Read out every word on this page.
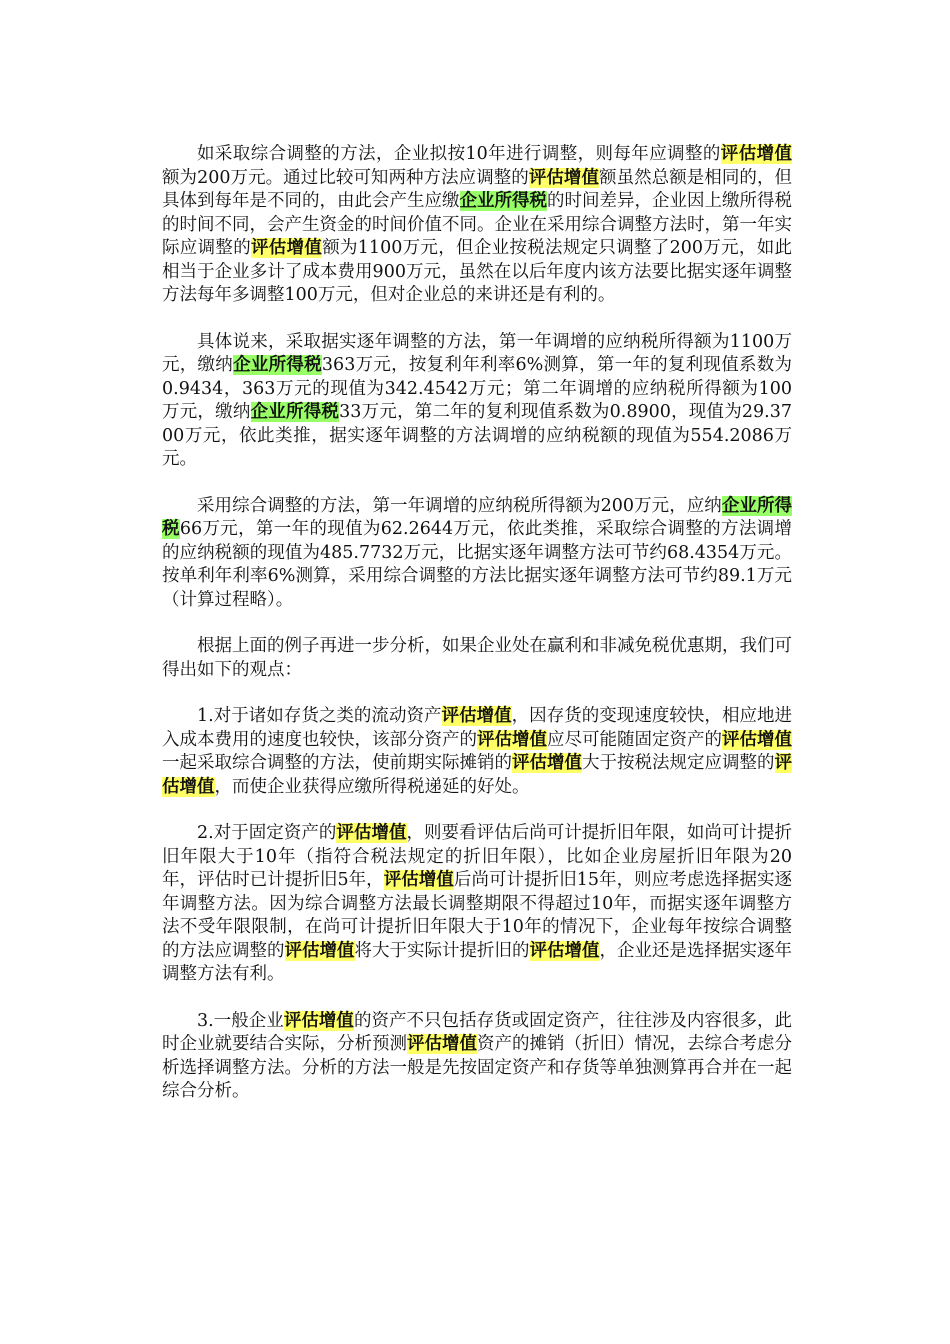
如采取综合调整的方法，企业拟按10年进行调整，则每年应调整的评估增值额为200万元。通过比较可知两种方法应调整的评估增值额虽然总额是相同的，但具体到每年是不同的，由此会产生应缴企业所得税的时间差异，企业因上缴所得税的时间不同，会产生资金的时间价值不同。企业在采用综合调整方法时，第一年实际应调整的评估增值额为1100万元，但企业按税法规定只调整了200万元，如此相当于企业多计了成本费用900万元，虽然在以后年度内该方法要比据实逐年调整方法每年多调整100万元，但对企业总的来讲还是有利的。

具体说来，采取据实逐年调整的方法，第一年调增的应纳税所得额为1100万元，缴纳企业所得税363万元，按复利年利率6%测算，第一年的复利现值系数为0.9434，363万元的现值为342.4542万元；第二年调增的应纳税所得额为100万元，缴纳企业所得税33万元，第二年的复利现值系数为0.8900，现值为29.3700万元，依此类推，据实逐年调整的方法调增的应纳税额的现值为554.2086万元。

采用综合调整的方法，第一年调增的应纳税所得额为200万元，应纳企业所得税66万元，第一年的现值为62.2644万元，依此类推，采取综合调整的方法调增的应纳税额的现值为485.7732万元，比据实逐年调整方法可节约68.4354万元。按单利年利率6%测算，采用综合调整的方法比据实逐年调整方法可节约89.1万元（计算过程略）。

根据上面的例子再进一步分析，如果企业处在赢利和非减免税优惠期，我们可得出如下的观点：

1.对于诸如存货之类的流动资产评估增值，因存货的变现速度较快，相应地进入成本费用的速度也较快，该部分资产的评估增值应尽可能随固定资产的评估增值一起采取综合调整的方法，使前期实际摊销的评估增值大于按税法规定应调整的评估增值，而使企业获得应缴所得税递延的好处。

2.对于固定资产的评估增值，则要看评估后尚可计提折旧年限，如尚可计提折旧年限大于10年（指符合税法规定的折旧年限），比如企业房屋折旧年限为20年，评估时已计提折旧5年，评估增值后尚可计提折旧15年，则应考虑选择据实逐年调整方法。因为综合调整方法最长调整期限不得超过10年，而据实逐年调整方法不受年限限制，在尚可计提折旧年限大于10年的情况下，企业每年按综合调整的方法应调整的评估增值将大于实际计提折旧的评估增值，企业还是选择据实逐年调整方法有利。

3.一般企业评估增值的资产不只包括存货或固定资产，往往涉及内容很多，此时企业就要结合实际，分析预测评估增值资产的摊销（折旧）情况，去综合考虑分析选择调整方法。分析的方法一般是先按固定资产和存货等单独测算再合并在一起综合分析。
